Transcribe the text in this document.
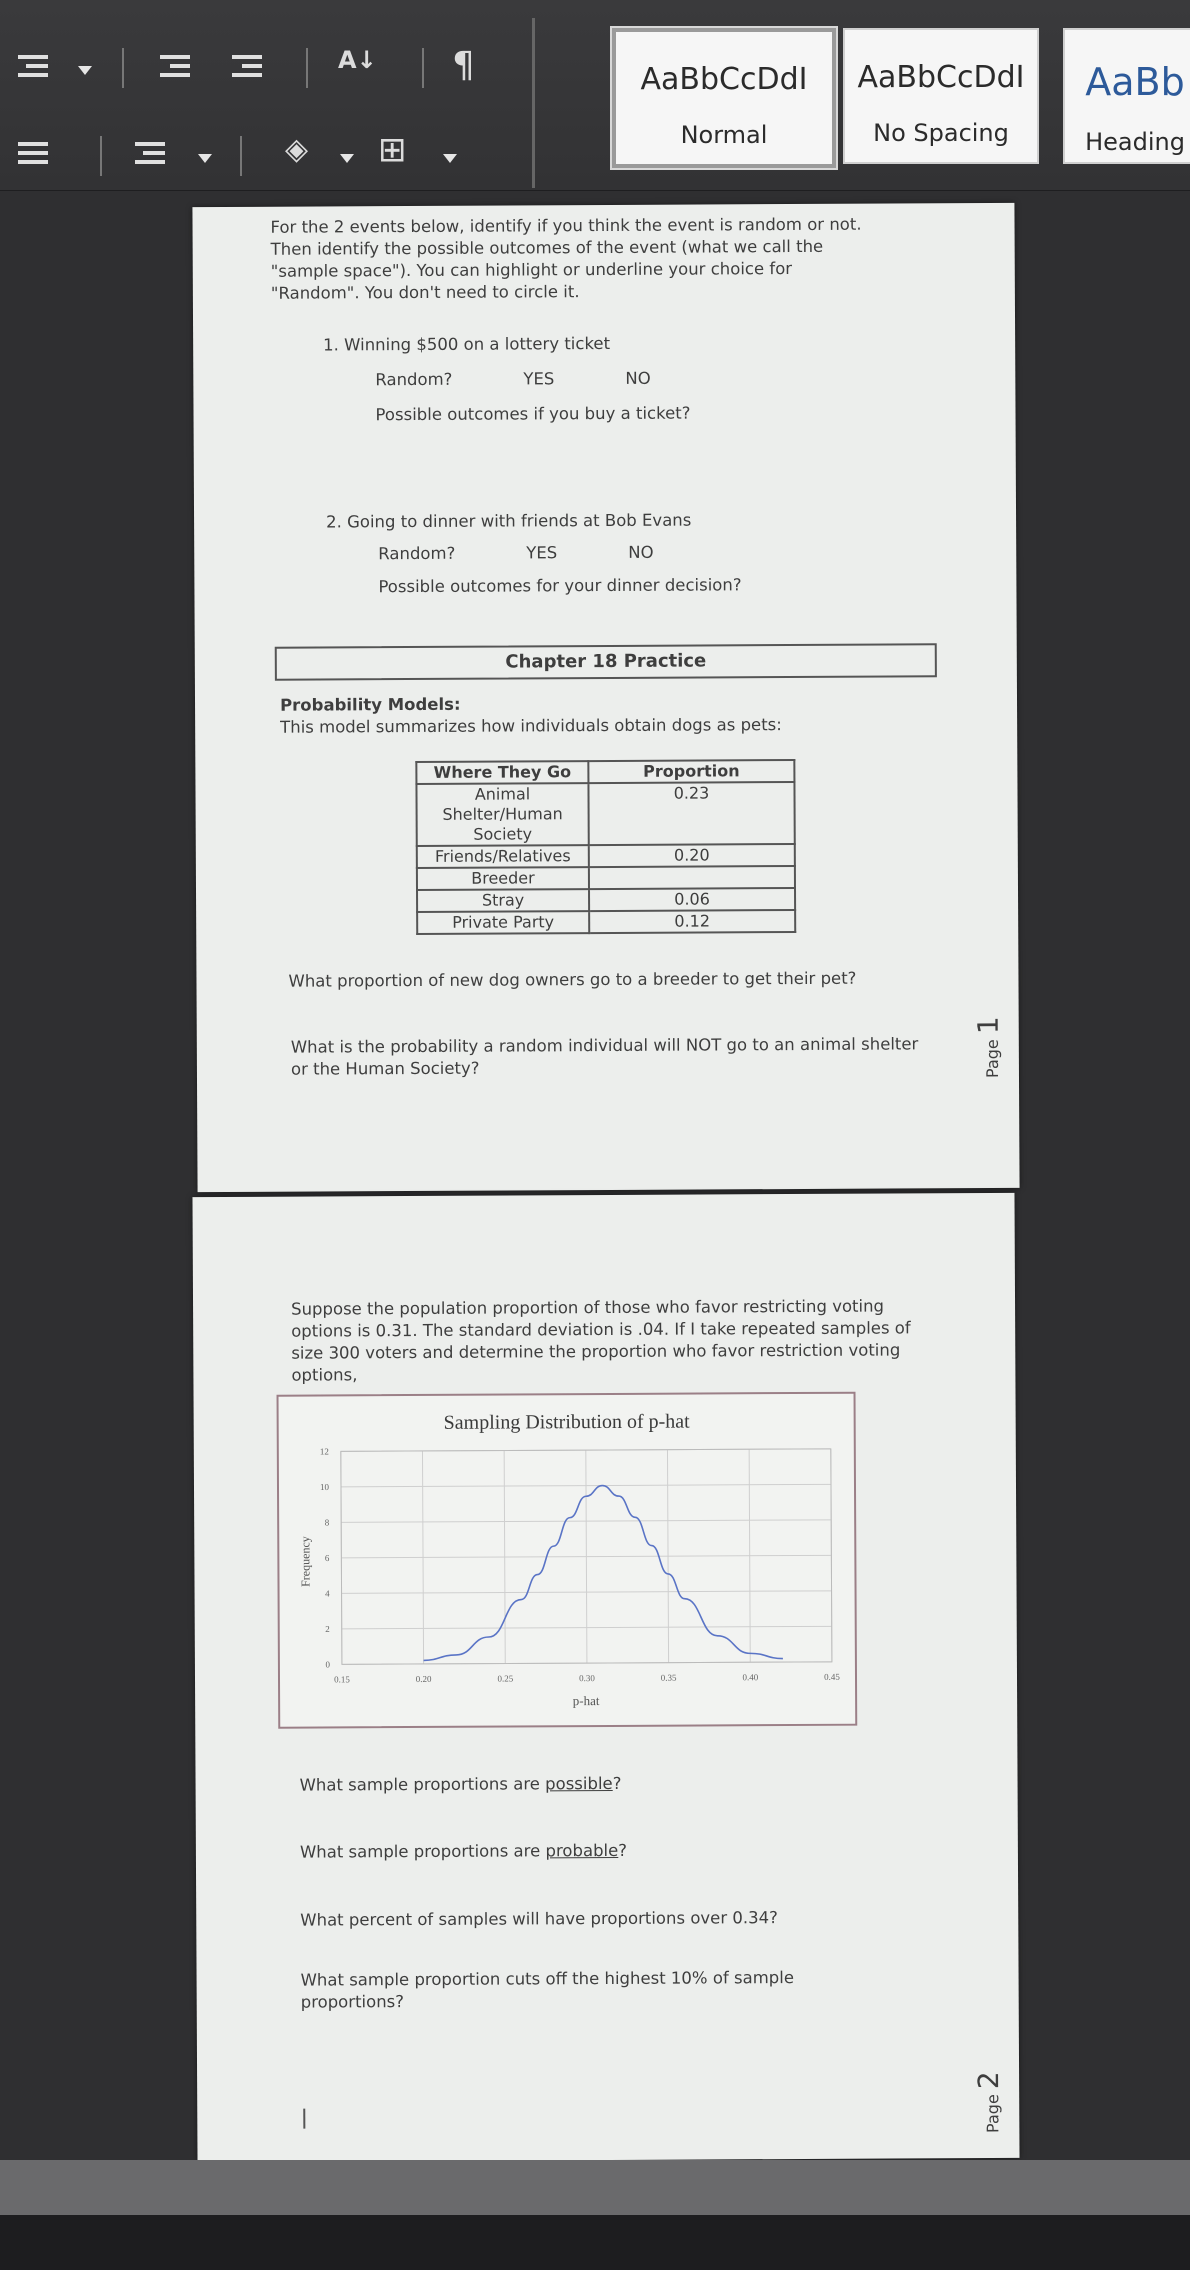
A↓ ¶
◈ ⊞
AaBbCcDdI
Normal
AaBbCcDdI
No Spacing
AaBb
Heading
For the 2 events below, identify if you think the event is random or not. Then identify the possible outcomes of the event (what we call the "sample space"). You can highlight or underline your choice for "Random". You don't need to circle it.
1. Winning $500 on a lottery ticket
Random?	YES	NO
Possible outcomes if you buy a ticket?
2. Going to dinner with friends at Bob Evans
Random?	YES	NO
Possible outcomes for your dinner decision?
Chapter 18 Practice
Probability Models:
This model summarizes how individuals obtain dogs as pets:
Where They Go	Proportion
Animal Shelter/Human Society	0.23
Friends/Relatives	0.20
Breeder	
Stray	0.06
Private Party	0.12
What proportion of new dog owners go to a breeder to get their pet?
What is the probability a random individual will NOT go to an animal shelter or the Human Society?	Page 1
Suppose the population proportion of those who favor restricting voting options is 0.31. The standard deviation is .04. If I take repeated samples of size 300 voters and determine the proportion who favor restriction voting options,
Sampling Distribution of p-hat
Frequency
p-hat
0.15	0.20	0.25	0.30	0.35	0.40	0.45
0
2
4
6
8
10
12
What sample proportions are possible?
What sample proportions are probable?
What percent of samples will have proportions over 0.34?
What sample proportion cuts off the highest 10% of sample proportions?
Page 2
